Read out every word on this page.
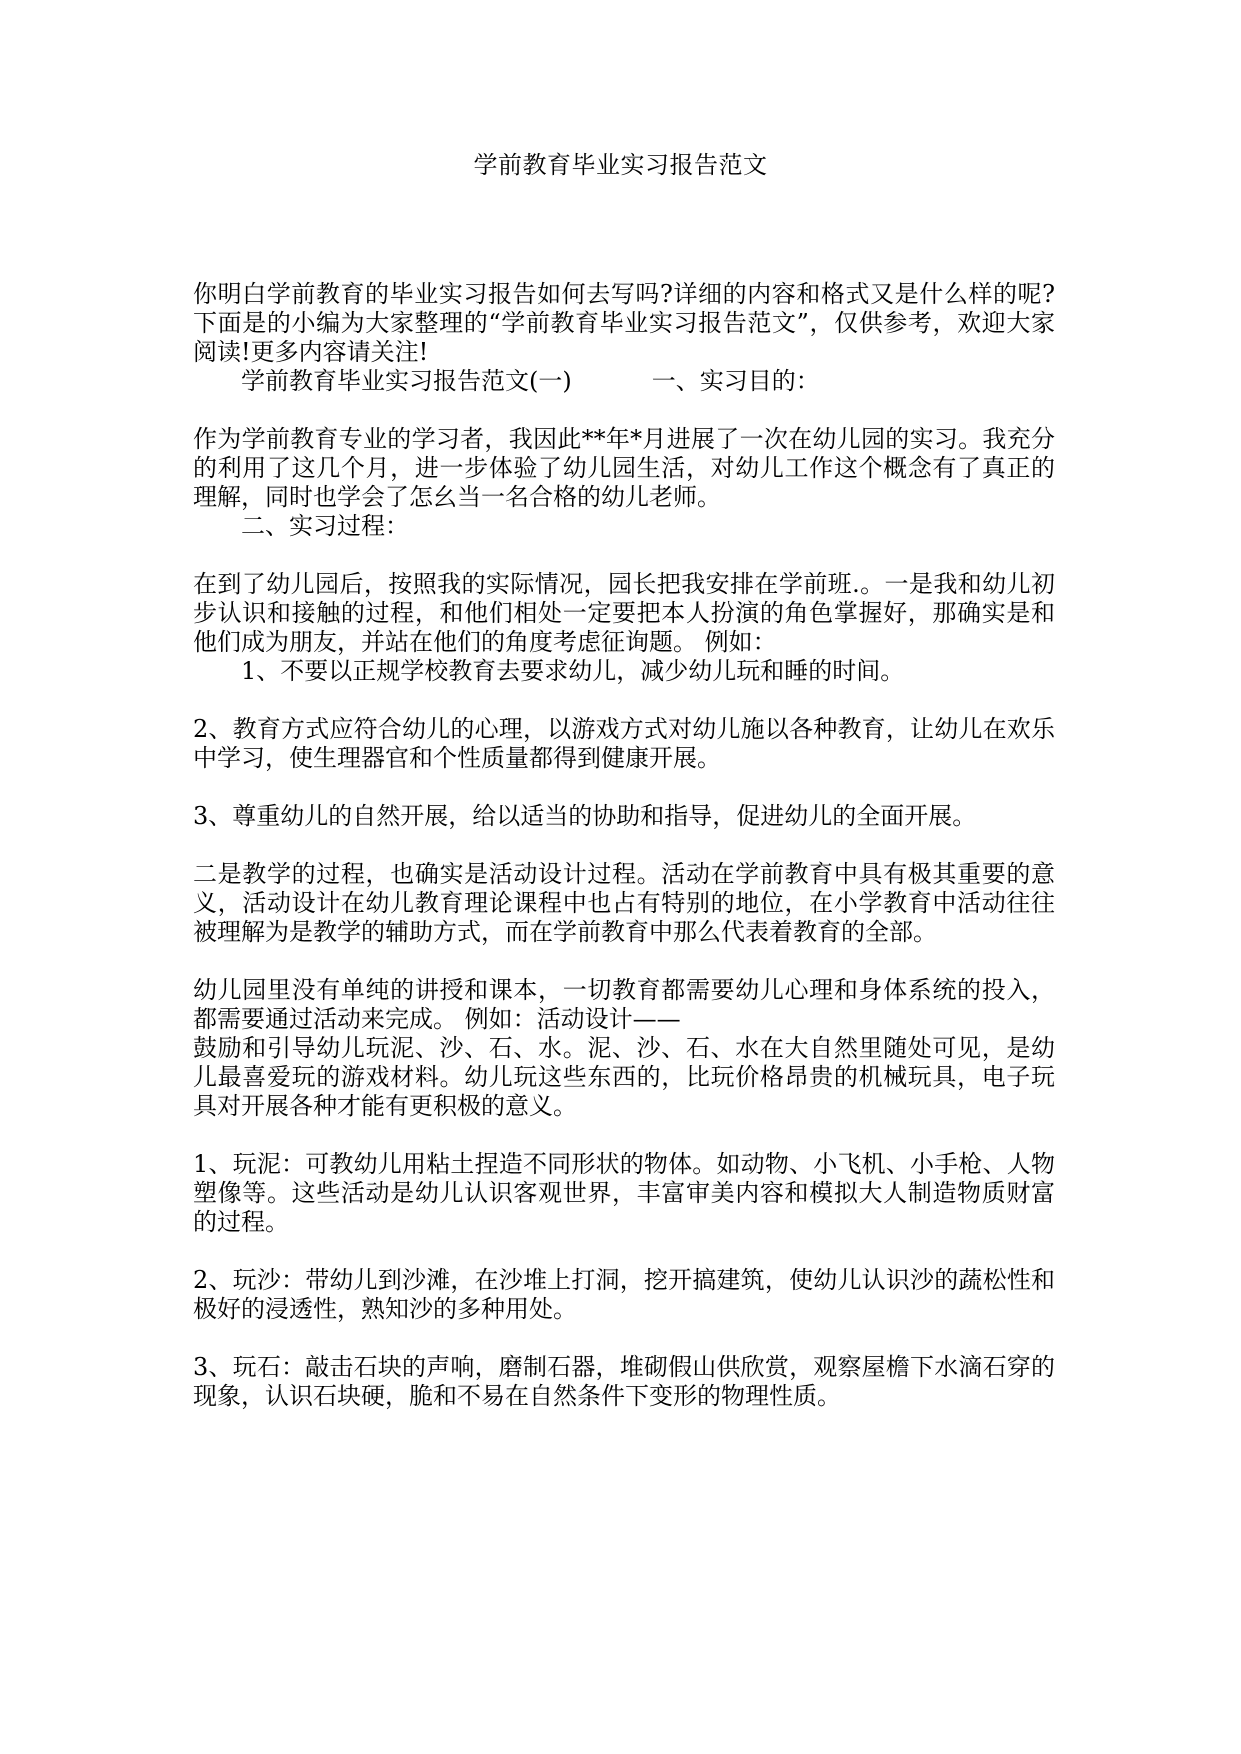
学前教育毕业实习报告范文

你明白学前教育的毕业实习报告如何去写吗?详细的内容和格式又是什么样的呢?下面是的小编为大家整理的“学前教育毕业实习报告范文”，仅供参考，欢迎大家阅读!更多内容请关注!

学前教育毕业实习报告范文(一)	一、实习目的：

作为学前教育专业的学习者，我因此**年*月进展了一次在幼儿园的实习。我充分的利用了这几个月，进一步体验了幼儿园生活，对幼儿工作这个概念有了真正的理解，同时也学会了怎幺当一名合格的幼儿老师。

二、实习过程：

在到了幼儿园后，按照我的实际情况，园长把我安排在学前班.。一是我和幼儿初步认识和接触的过程，和他们相处一定要把本人扮演的角色掌握好，那确实是和他们成为朋友，并站在他们的角度考虑征询题。 例如：

1、不要以正规学校教育去要求幼儿，减少幼儿玩和睡的时间。

2、教育方式应符合幼儿的心理，以游戏方式对幼儿施以各种教育，让幼儿在欢乐中学习，使生理器官和个性质量都得到健康开展。

3、尊重幼儿的自然开展，给以适当的协助和指导，促进幼儿的全面开展。

二是教学的过程，也确实是活动设计过程。活动在学前教育中具有极其重要的意义，活动设计在幼儿教育理论课程中也占有特别的地位，在小学教育中活动往往被理解为是教学的辅助方式，而在学前教育中那么代表着教育的全部。

幼儿园里没有单纯的讲授和课本，一切教育都需要幼儿心理和身体系统的投入，都需要通过活动来完成。 例如：活动设计——

鼓励和引导幼儿玩泥、沙、石、水。泥、沙、石、水在大自然里随处可见，是幼儿最喜爱玩的游戏材料。幼儿玩这些东西的，比玩价格昂贵的机械玩具，电子玩具对开展各种才能有更积极的意义。

1、玩泥：可教幼儿用粘土捏造不同形状的物体。如动物、小飞机、小手枪、人物塑像等。这些活动是幼儿认识客观世界，丰富审美内容和模拟大人制造物质财富的过程。

2、玩沙：带幼儿到沙滩，在沙堆上打洞，挖开搞建筑，使幼儿认识沙的蔬松性和极好的浸透性，熟知沙的多种用处。

3、玩石：敲击石块的声响，磨制石器，堆砌假山供欣赏，观察屋檐下水滴石穿的现象，认识石块硬，脆和不易在自然条件下变形的物理性质。
